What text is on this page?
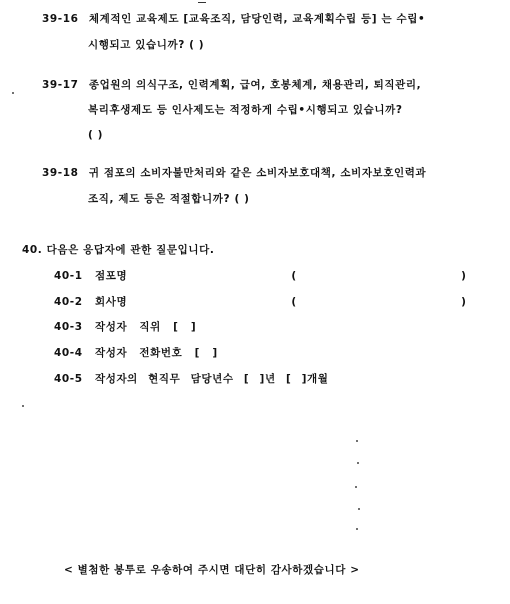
39-16 체계적인 교육제도 [교육조직, 담당인력, 교육계획수립 등] 는 수립•
시행되고 있습니까? ( )
39-17 종업원의 의식구조, 인력계획, 급여, 호봉체계, 채용관리, 퇴직관리,
복리후생제도 등 인사제도는 적정하게 수립•시행되고 있습니까?
( )
39-18 귀 점포의 소비자불만처리와 같은 소비자보호대책, 소비자보호인력과
조직, 제도 등은 적절합니까? ( )
40. 다음은 응답자에 관한 질문입니다.
40-1 점포명 ( )
40-2 회사명 ( )
40-3 작성자 직위 [ ]
40-4 작성자 전화번호 [ ]
40-5 작성자의 현직무 담당년수 [ ]년 [ ]개월
< 별첨한 봉투로 우송하여 주시면 대단히 감사하겠습니다 >
